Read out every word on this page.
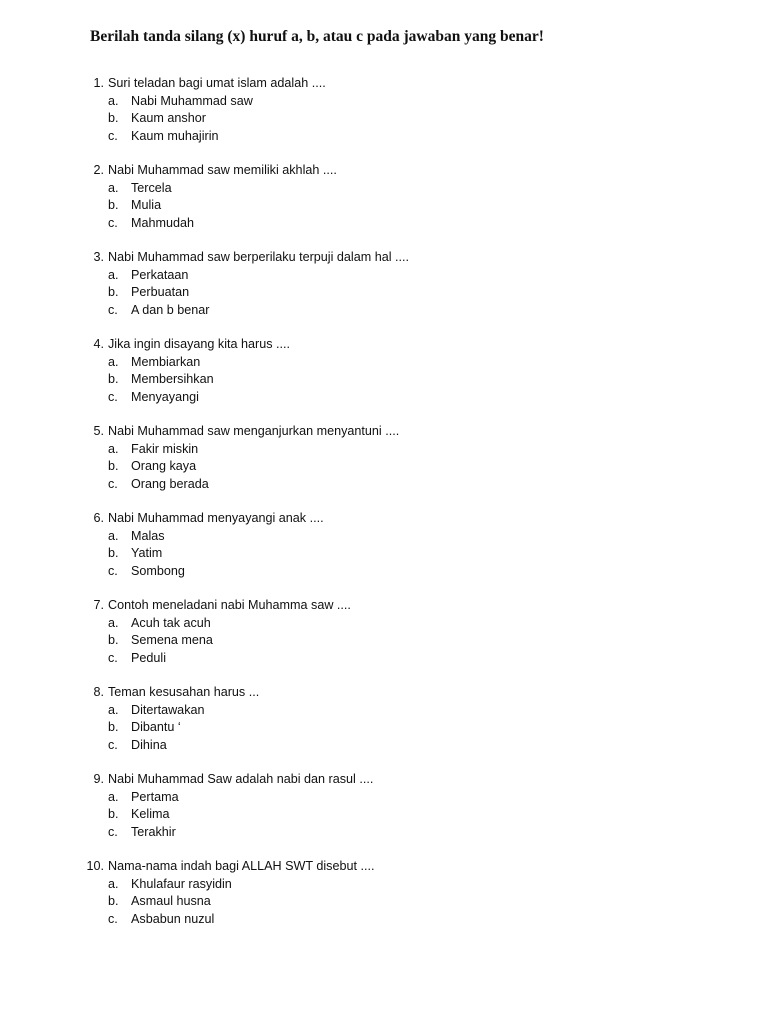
Berilah tanda silang (x) huruf a, b, atau c pada jawaban yang benar!
1. Suri teladan bagi umat islam adalah ....
a. Nabi Muhammad saw
b. Kaum anshor
c. Kaum muhajirin
2. Nabi Muhammad saw memiliki akhlah ....
a. Tercela
b. Mulia
c. Mahmudah
3. Nabi Muhammad saw berperilaku terpuji dalam hal ....
a. Perkataan
b. Perbuatan
c. A dan b benar
4. Jika ingin disayang kita harus ....
a. Membiarkan
b. Membersihkan
c. Menyayangi
5. Nabi Muhammad saw menganjurkan menyantuni ....
a. Fakir miskin
b. Orang kaya
c. Orang berada
6. Nabi Muhammad menyayangi anak ....
a. Malas
b. Yatim
c. Sombong
7. Contoh meneladani nabi Muhamma saw ....
a. Acuh tak acuh
b. Semena mena
c. Peduli
8. Teman kesusahan harus ...
a. Ditertawakan
b. Dibantu ‘
c. Dihina
9. Nabi Muhammad Saw adalah nabi dan rasul ....
a. Pertama
b. Kelima
c. Terakhir
10. Nama-nama indah bagi ALLAH SWT disebut ....
a. Khulafaur rasyidin
b. Asmaul husna
c. Asbabun nuzul
